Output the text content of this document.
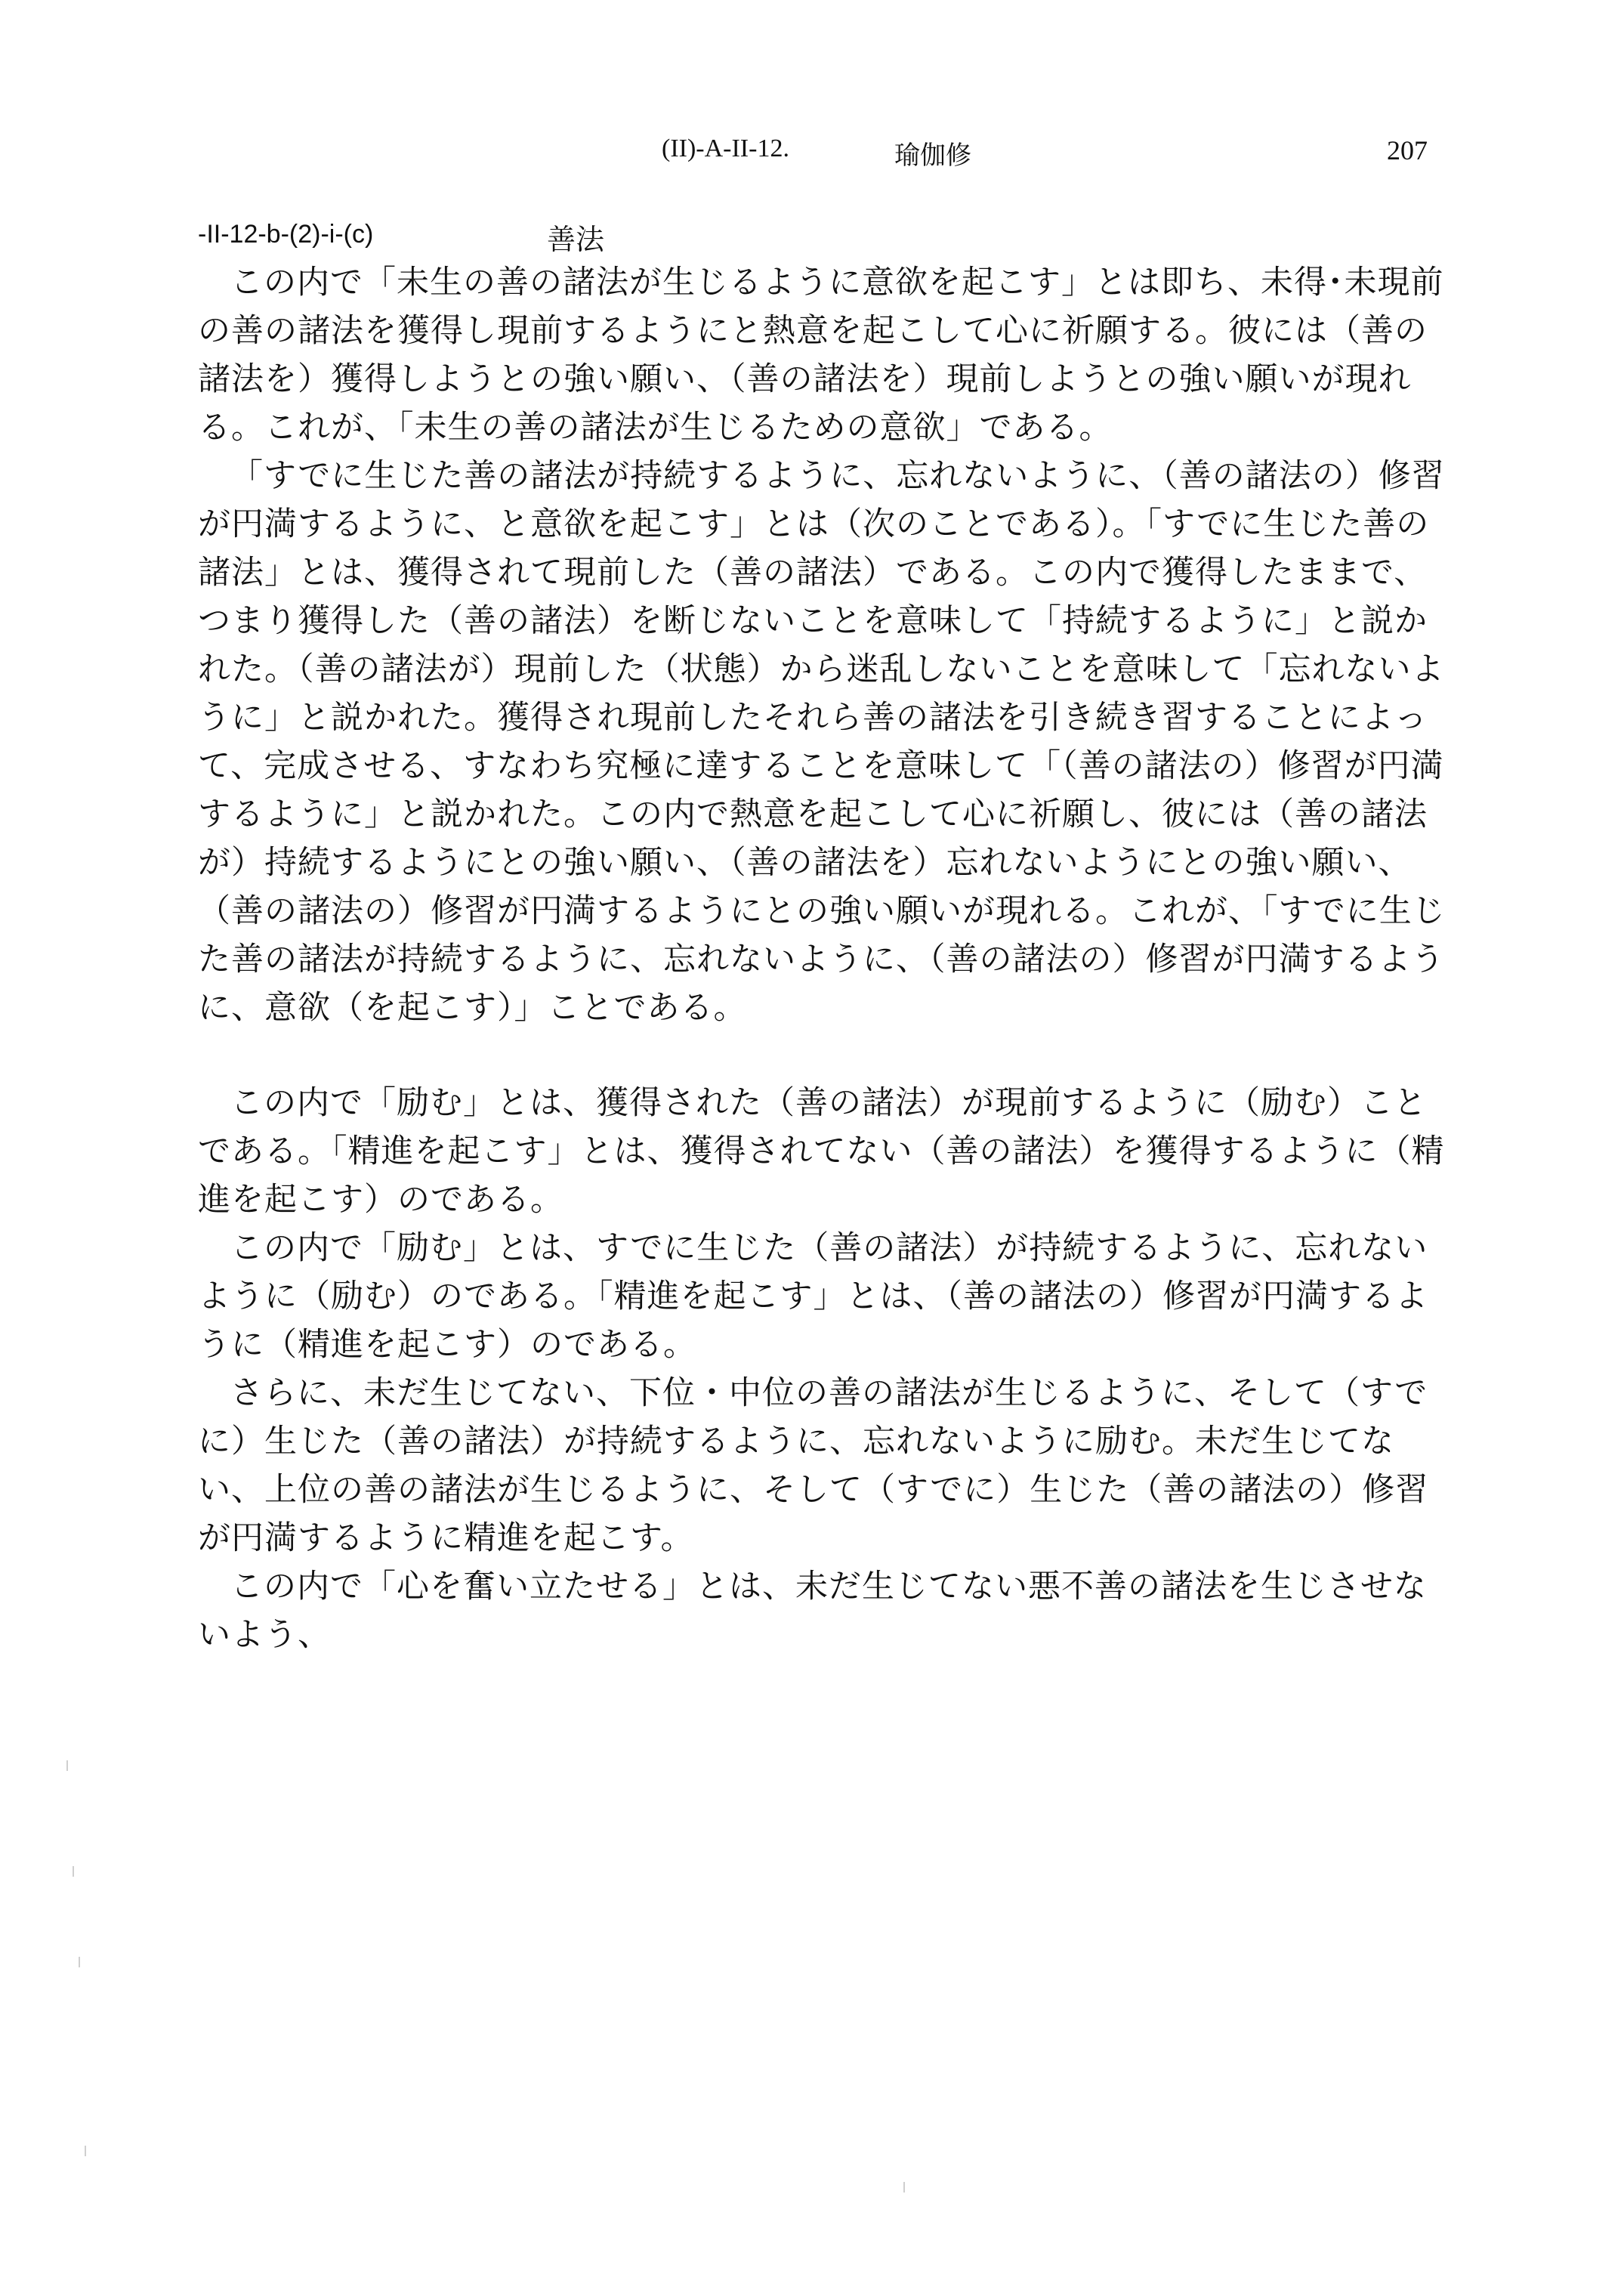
(II)-A-II-12.	瑜伽修	207
-II-12-b-(2)-i-(c)	善法

この内で「未生の善の諸法が生じるように意欲を起こす」とは即ち、未得･未現前の善の諸法を獲得し現前するようにと熱意を起こして心に祈願する。彼には（善の諸法を）獲得しようとの強い願い、（善の諸法を）現前しようとの強い願いが現れる。これが、「未生の善の諸法が生じるための意欲」である。

「すでに生じた善の諸法が持続するように、忘れないように、（善の諸法の）修習が円満するように、と意欲を起こす」とは（次のことである）。「すでに生じた善の諸法」とは、獲得されて現前した（善の諸法）である。この内で獲得したままで、つまり獲得した（善の諸法）を断じないことを意味して「持続するように」と説かれた。（善の諸法が）現前した（状態）から迷乱しないことを意味して「忘れないように」と説かれた。獲得され現前したそれら善の諸法を引き続き習することによって、完成させる、すなわち究極に達することを意味して「（善の諸法の）修習が円満するように」と説かれた。この内で熱意を起こして心に祈願し、彼には（善の諸法が）持続するようにとの強い願い、（善の諸法を）忘れないようにとの強い願い、（善の諸法の）修習が円満するようにとの強い願いが現れる。これが、「すでに生じた善の諸法が持続するように、忘れないように、（善の諸法の）修習が円満するように、意欲（を起こす）」ことである。

この内で「励む」とは、獲得された（善の諸法）が現前するように（励む）ことである。「精進を起こす」とは、獲得されてない（善の諸法）を獲得するように（精進を起こす）のである。

この内で「励む」とは、すでに生じた（善の諸法）が持続するように、忘れないように（励む）のである。「精進を起こす」とは、（善の諸法の）修習が円満するように（精進を起こす）のである。

さらに、未だ生じてない、下位・中位の善の諸法が生じるように、そして（すでに）生じた（善の諸法）が持続するように、忘れないように励む。未だ生じてない、上位の善の諸法が生じるように、そして（すでに）生じた（善の諸法の）修習が円満するように精進を起こす。

この内で「心を奮い立たせる」とは、未だ生じてない悪不善の諸法を生じさせないよう、
